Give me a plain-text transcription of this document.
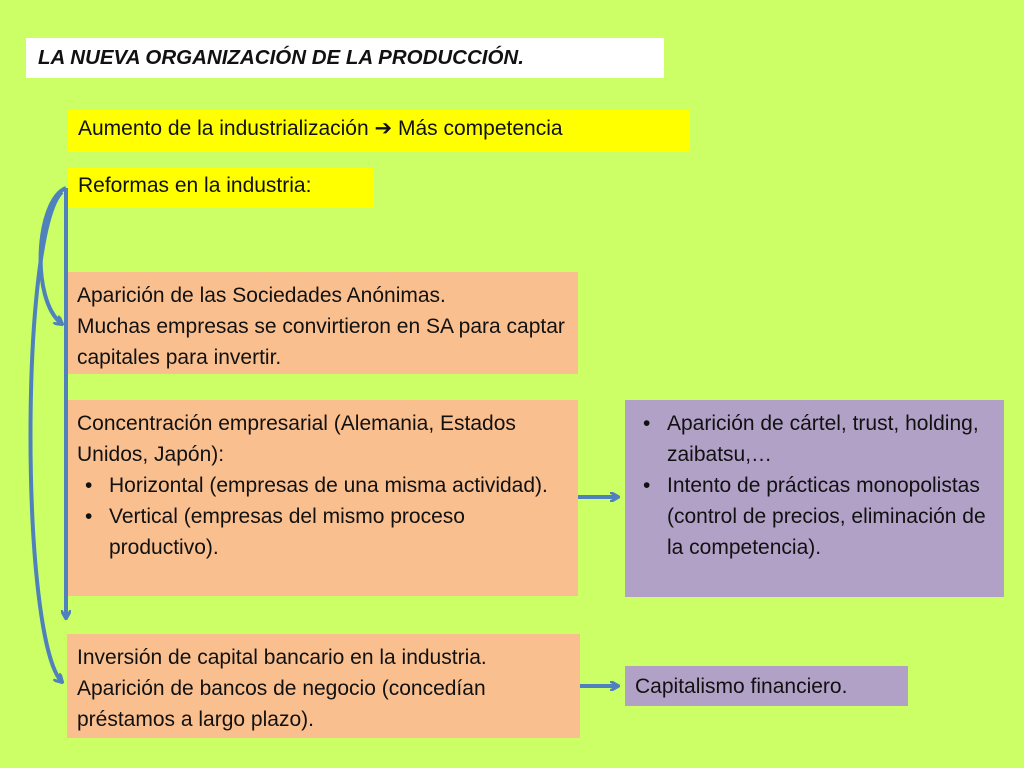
LA NUEVA ORGANIZACIÓN DE LA PRODUCCIÓN.
Aumento de la industrialización ➔ Más competencia
Reformas en la industria:
Aparición de las Sociedades Anónimas.
Muchas empresas se convirtieron en SA para captar capitales para invertir.
Concentración empresarial (Alemania, Estados Unidos, Japón):
• Horizontal (empresas de una misma actividad).
• Vertical (empresas del mismo proceso productivo).
• Aparición de cártel, trust, holding, zaibatsu,…
• Intento de prácticas monopolistas (control de precios, eliminación de la competencia).
Inversión de capital bancario en la industria. Aparición de bancos de negocio (concedían préstamos a largo plazo).
Capitalismo financiero.
